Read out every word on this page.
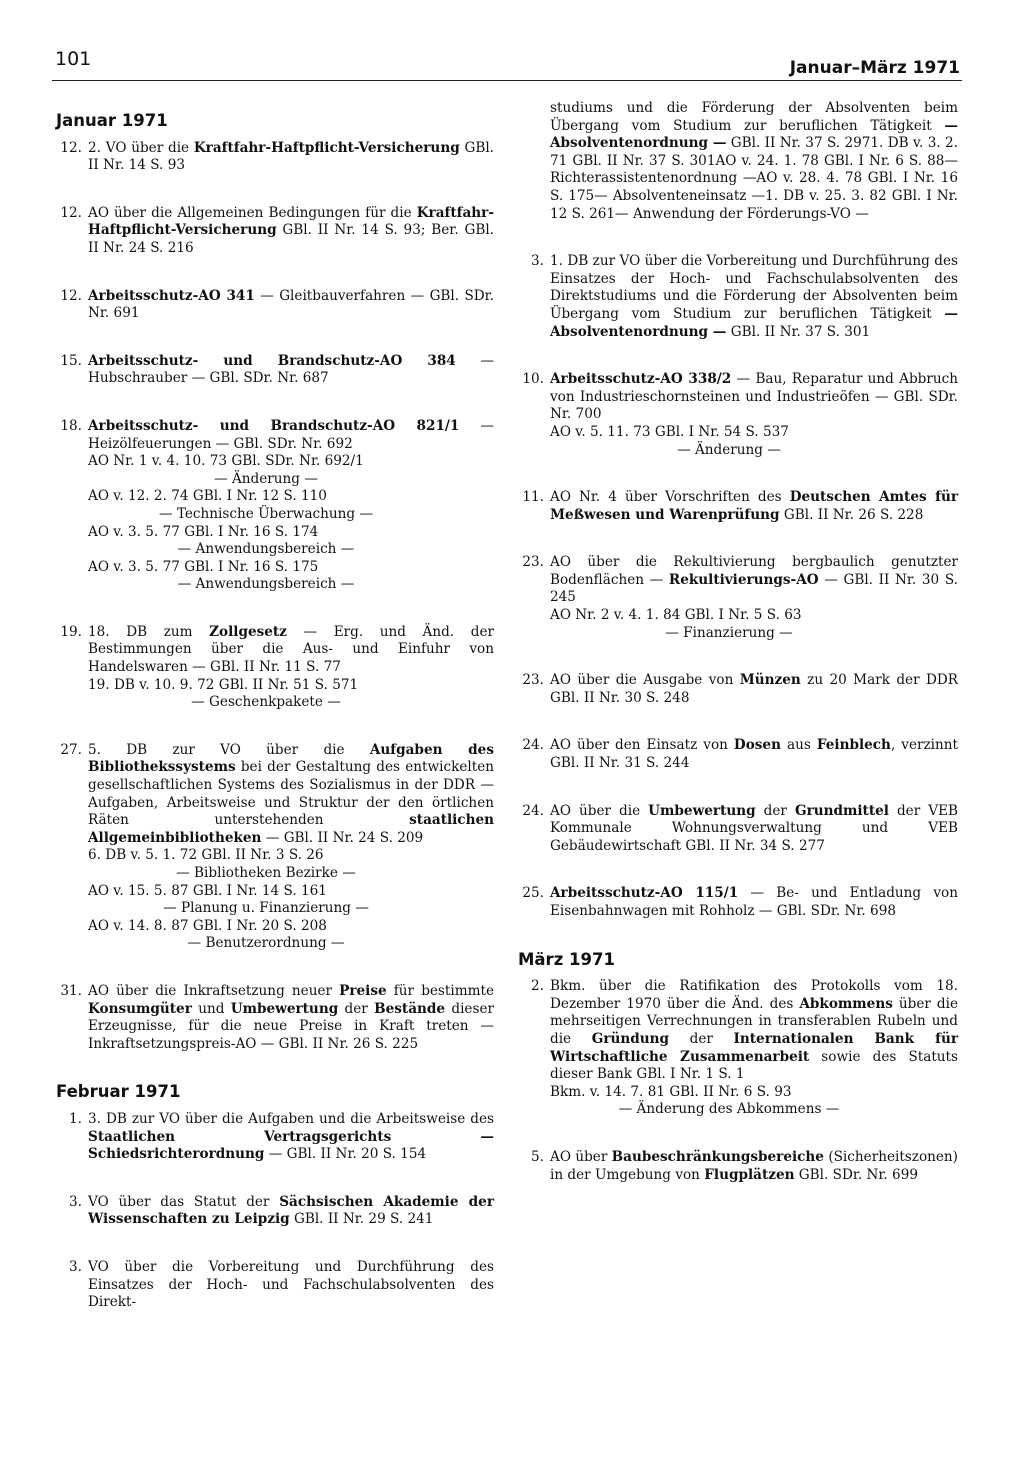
101	Januar–März 1971
Januar 1971
12. 2. VO über die Kraftfahr-Haftpflicht-Versicherung GBl. II Nr. 14 S. 93
12. AO über die Allgemeinen Bedingungen für die Kraftfahr-Haftpflicht-Versicherung GBl. II Nr. 14 S. 93; Ber. GBl. II Nr. 24 S. 216
12. Arbeitsschutz-AO 341 — Gleitbauverfahren — GBl. SDr. Nr. 691
15. Arbeitsschutz- und Brandschutz-AO 384 — Hubschrauber — GBl. SDr. Nr. 687
18. Arbeitsschutz- und Brandschutz-AO 821/1 — Heizölfeuerungen — GBl. SDr. Nr. 692
AO Nr. 1 v. 4. 10. 73 GBl. SDr. Nr. 692/1
— Änderung —
AO v. 12. 2. 74 GBl. I Nr. 12 S. 110
— Technische Überwachung —
AO v. 3. 5. 77 GBl. I Nr. 16 S. 174
— Anwendungsbereich —
AO v. 3. 5. 77 GBl. I Nr. 16 S. 175
— Anwendungsbereich —
19. 18. DB zum Zollgesetz — Erg. und Änd. der Bestimmungen über die Aus- und Einfuhr von Handelswaren — GBl. II Nr. 11 S. 77
19. DB v. 10. 9. 72 GBl. II Nr. 51 S. 571
— Geschenkpakete —
27. 5. DB zur VO über die Aufgaben des Bibliothekssystems bei der Gestaltung des entwickelten gesellschaftlichen Systems des Sozialismus in der DDR — Aufgaben, Arbeitsweise und Struktur der den örtlichen Räten unterstehenden staatlichen Allgemeinbibliotheken — GBl. II Nr. 24 S. 209
6. DB v. 5. 1. 72 GBl. II Nr. 3 S. 26
— Bibliotheken Bezirke —
AO v. 15. 5. 87 GBl. I Nr. 14 S. 161
— Planung u. Finanzierung —
AO v. 14. 8. 87 GBl. I Nr. 20 S. 208
— Benutzerordnung —
31. AO über die Inkraftsetzung neuer Preise für bestimmte Konsumgüter und Umbewertung der Bestände dieser Erzeugnisse, für die neue Preise in Kraft treten — Inkraftsetzungspreis-AO — GBl. II Nr. 26 S. 225
Februar 1971
1. 3. DB zur VO über die Aufgaben und die Arbeitsweise des Staatlichen Vertragsgerichts — Schiedsrichterordnung — GBl. II Nr. 20 S. 154
3. VO über das Statut der Sächsischen Akademie der Wissenschaften zu Leipzig GBl. II Nr. 29 S. 241
3. VO über die Vorbereitung und Durchführung des Einsatzes der Hoch- und Fachschulabsolventen des Direkt-
studiums und die Förderung der Absolventen beim Übergang vom Studium zur beruflichen Tätigkeit — Absolventenordnung — GBl. II Nr. 37 S. 2971. DB v. 3. 2. 71 GBl. II Nr. 37 S. 301AO v. 24. 1. 78 GBl. I Nr. 6 S. 88— Richterassistentenordnung —AO v. 28. 4. 78 GBl. I Nr. 16 S. 175— Absolventeneinsatz —1. DB v. 25. 3. 82 GBl. I Nr. 12 S. 261— Anwendung der Förderungs-VO —
3. 1. DB zur VO über die Vorbereitung und Durchführung des Einsatzes der Hoch- und Fachschulabsolventen des Direktstudiums und die Förderung der Absolventen beim Übergang vom Studium zur beruflichen Tätigkeit — Absolventenordnung — GBl. II Nr. 37 S. 301
10. Arbeitsschutz-AO 338/2 — Bau, Reparatur und Abbruch von Industrieschornsteinen und Industrieöfen — GBl. SDr. Nr. 700
AO v. 5. 11. 73 GBl. I Nr. 54 S. 537
— Änderung —
11. AO Nr. 4 über Vorschriften des Deutschen Amtes für Meßwesen und Warenprüfung GBl. II Nr. 26 S. 228
23. AO über die Rekultivierung bergbaulich genutzter Bodenflächen — Rekultivierungs-AO — GBl. II Nr. 30 S. 245
AO Nr. 2 v. 4. 1. 84 GBl. I Nr. 5 S. 63
— Finanzierung —
23. AO über die Ausgabe von Münzen zu 20 Mark der DDR GBl. II Nr. 30 S. 248
24. AO über den Einsatz von Dosen aus Feinblech, verzinnt GBl. II Nr. 31 S. 244
24. AO über die Umbewertung der Grundmittel der VEB Kommunale Wohnungsverwaltung und VEB Gebäudewirtschaft GBl. II Nr. 34 S. 277
25. Arbeitsschutz-AO 115/1 — Be- und Entladung von Eisenbahnwagen mit Rohholz — GBl. SDr. Nr. 698
März 1971
2. Bkm. über die Ratifikation des Protokolls vom 18. Dezember 1970 über die Änd. des Abkommens über die mehrseitigen Verrechnungen in transferablen Rubeln und die Gründung der Internationalen Bank für Wirtschaftliche Zusammenarbeit sowie des Statuts dieser Bank GBl. I Nr. 1 S. 1
Bkm. v. 14. 7. 81 GBl. II Nr. 6 S. 93
— Änderung des Abkommens —
5. AO über Baubeschränkungsbereiche (Sicherheitszonen) in der Umgebung von Flugplätzen GBl. SDr. Nr. 699
